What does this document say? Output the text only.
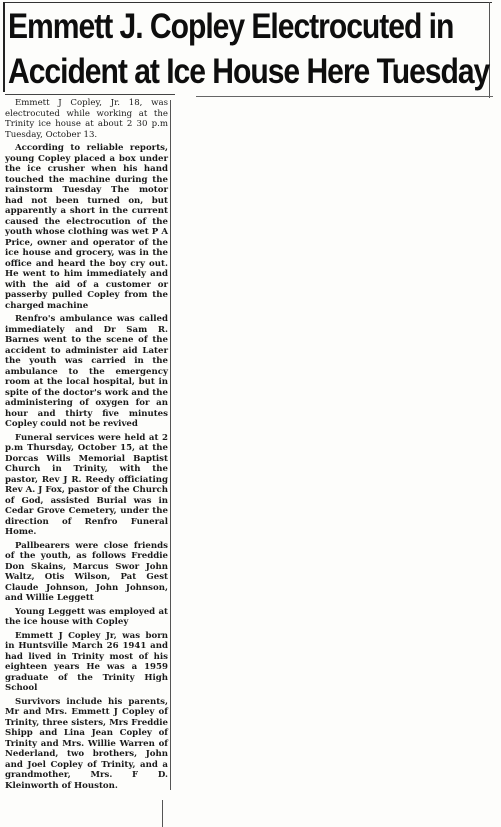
Emmett J. Copley Electrocuted in
Accident at Ice House Here Tuesday

Emmett J Copley, Jr. 18, was electrocuted while working at the Trinity ice house at about 2 30 p.m Tuesday, October 13.

According to reliable reports, young Copley placed a box under the ice crusher when his hand touched the machine during the rainstorm Tuesday The motor had not been turned on, but apparently a short in the current caused the electrocution of the youth whose clothing was wet P A Price, owner and operator of the ice house and grocery, was in the office and heard the boy cry out. He went to him immediately and with the aid of a customer or passerby pulled Copley from the charged machine

Renfro's ambulance was called immediately and Dr Sam R. Barnes went to the scene of the accident to administer aid Later the youth was carried in the ambulance to the emergency room at the local hospital, but in spite of the doctor's work and the administering of oxygen for an hour and thirty five minutes Copley could not be revived

Funeral services were held at 2 p.m Thursday, October 15, at the Dorcas Wills Memorial Baptist Church in Trinity, with the pastor, Rev J R. Reedy officiating Rev A. J Fox, pastor of the Church of God, assisted Burial was in Cedar Grove Cemetery, under the direction of Renfro Funeral Home.

Pallbearers were close friends of the youth, as follows Freddie Don Skains, Marcus Swor John Waltz, Otis Wilson, Pat Gest Claude Johnson, John Johnson, and Willie Leggett

Young Leggett was employed at the ice house with Copley

Emmett J Copley Jr, was born in Huntsville March 26 1941 and had lived in Trinity most of his eighteen years He was a 1959 graduate of the Trinity High School

Survivors include his parents, Mr and Mrs. Emmett J Copley of Trinity, three sisters, Mrs Freddie Shipp and Lina Jean Copley of Trinity and Mrs. Willie Warren of Nederland, two brothers, John and Joel Copley of Trinity, and a grandmother, Mrs. F D. Kleinworth of Houston.
